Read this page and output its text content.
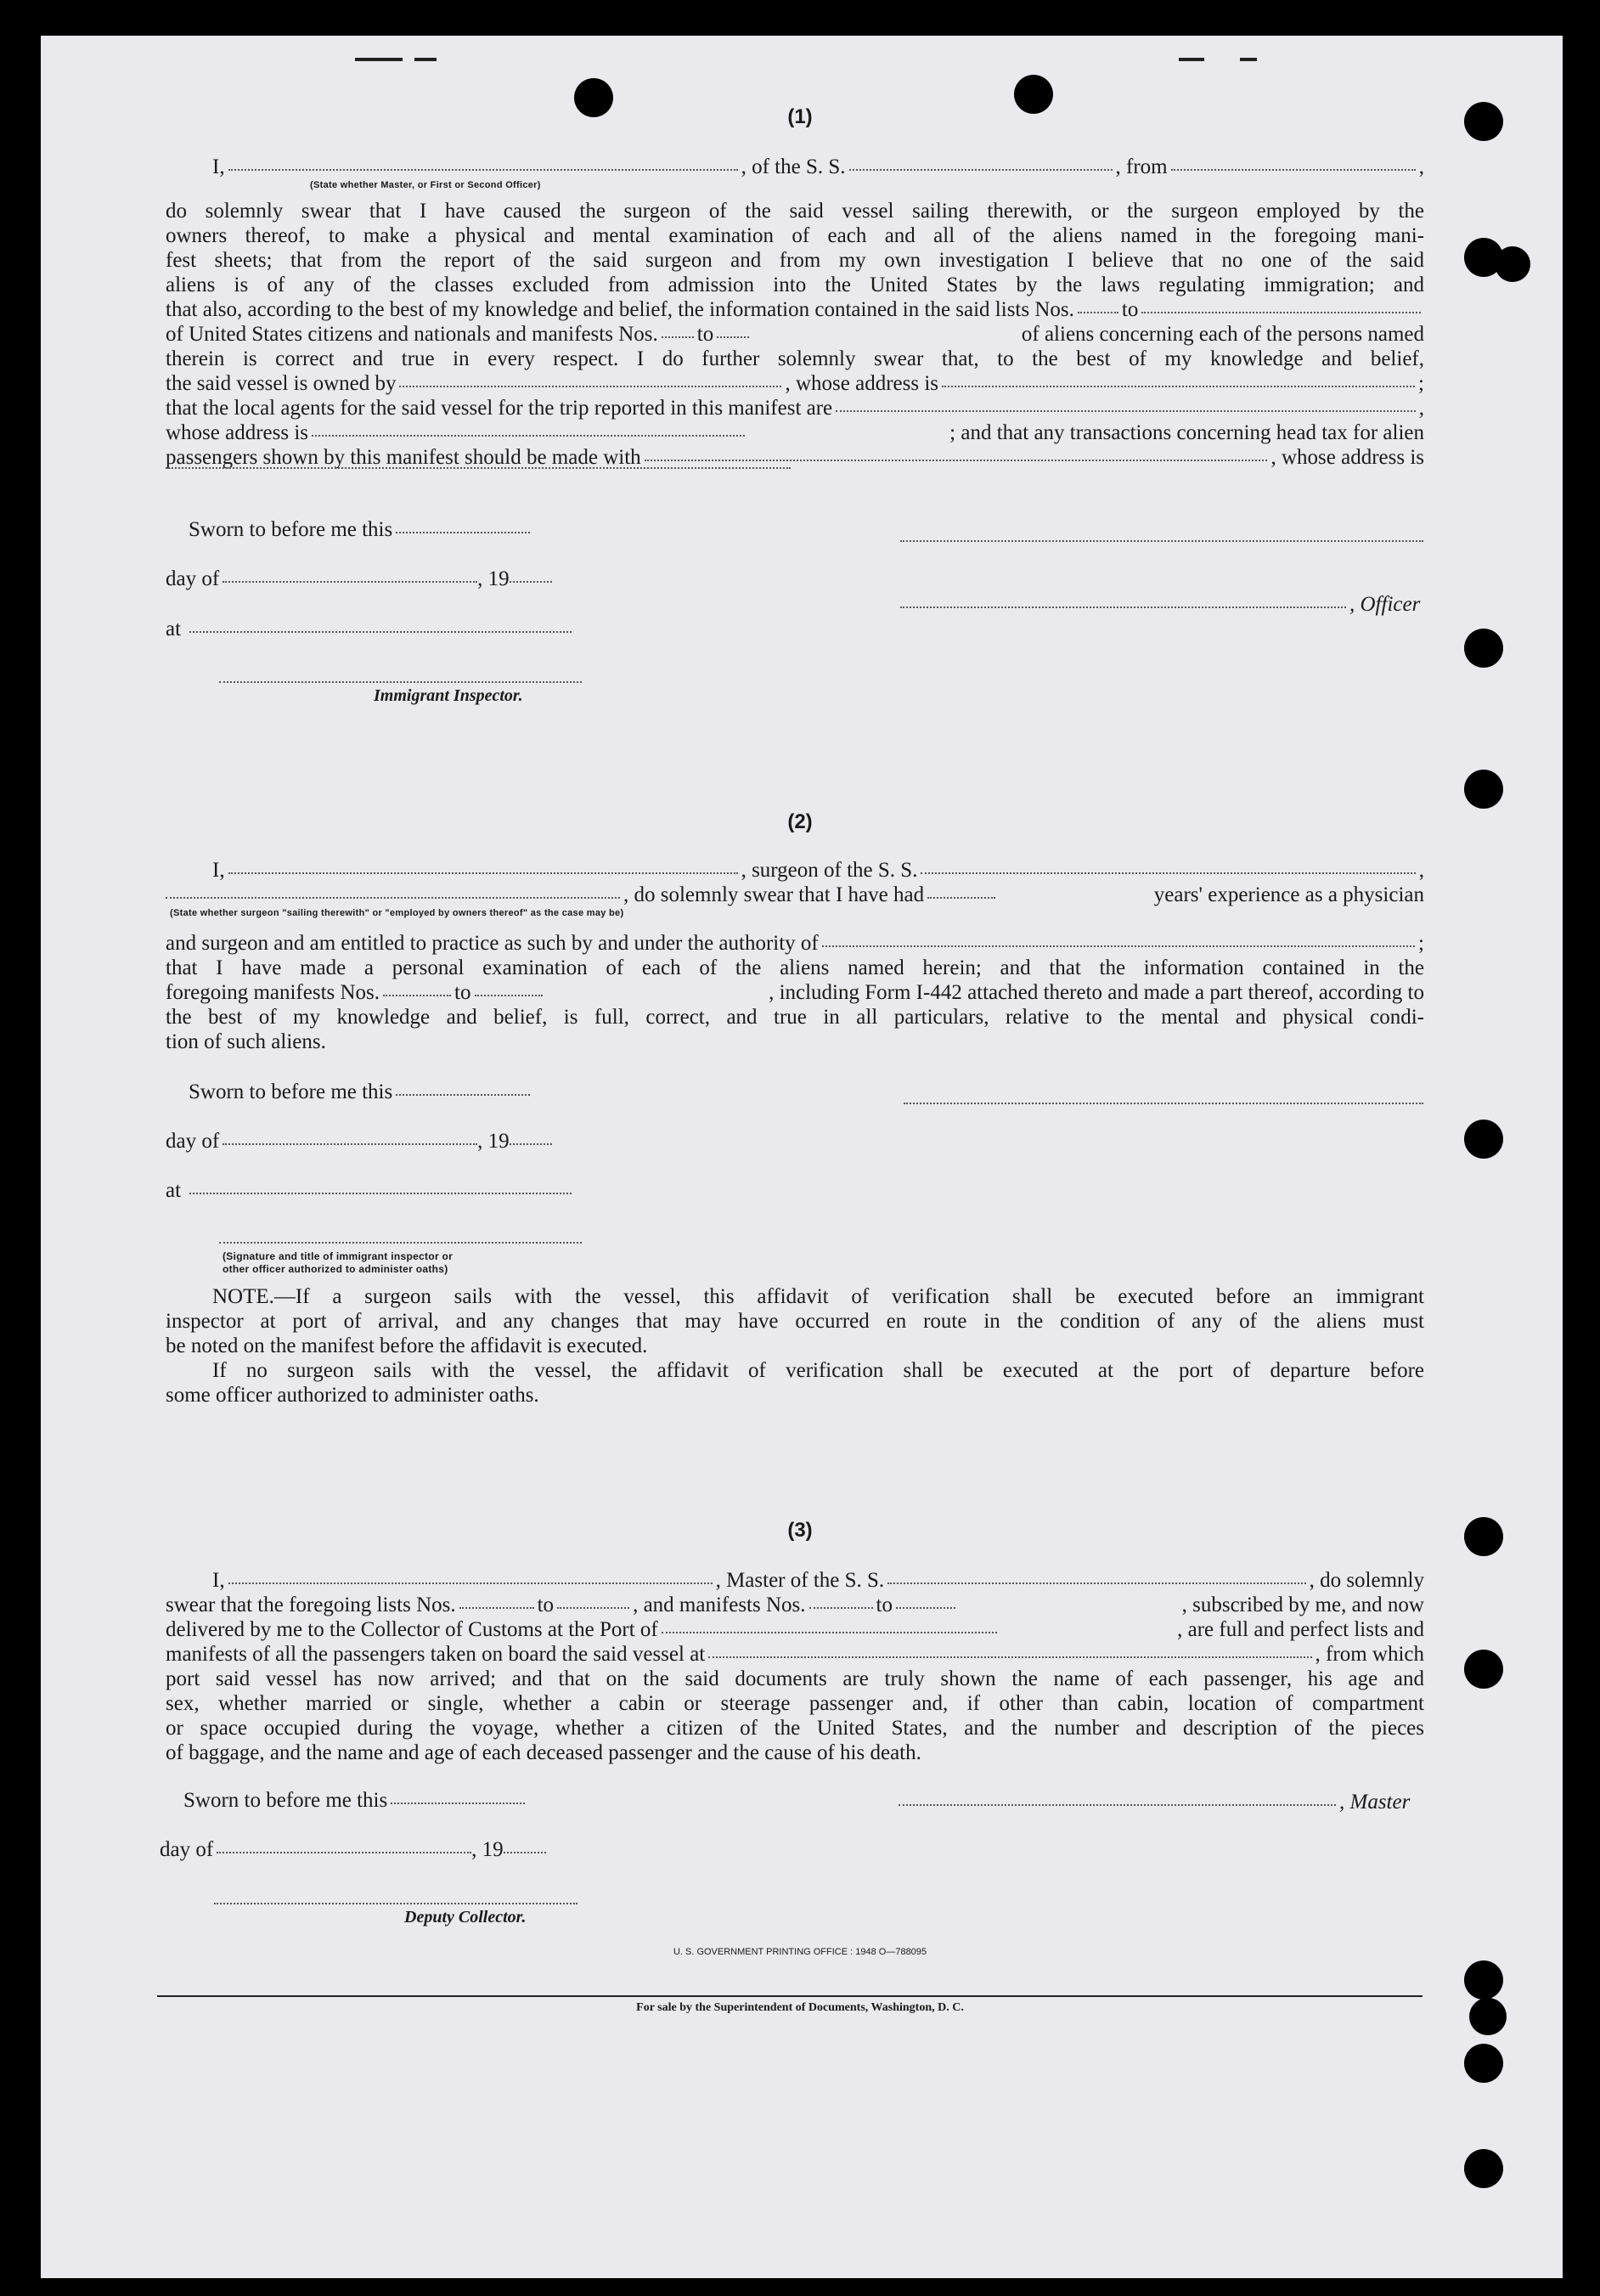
(1)
I,	, of the S. S.	, from	,
(State whether Master, or First or Second Officer)
do solemnly swear that I have caused the surgeon of the said vessel sailing therewith, or the surgeon employed by the
owners thereof, to make a physical and mental examination of each and all of the aliens named in the foregoing mani-
fest sheets; that from the report of the said surgeon and from my own investigation I believe that no one of the said
aliens is of any of the classes excluded from admission into the United States by the laws regulating immigration; and
that also, according to the best of my knowledge and belief, the information contained in the said lists Nos. to
of United States citizens and nationals and manifests Nos. to	of aliens concerning each of the persons named
therein is correct and true in every respect. I do further solemnly swear that, to the best of my knowledge and belief,
the said vessel is owned by	, whose address is	;
that the local agents for the said vessel for the trip reported in this manifest are	,
whose address is	; and that any transactions concerning head tax for alien
passengers shown by this manifest should be made with	, whose address is
Sworn to before me this
day of	, 19
, Officer
at
Immigrant Inspector.
(2)
I,	, surgeon of the S. S.	,
, do solemnly swear that I have had	years' experience as a physician
(State whether surgeon "sailing therewith" or "employed by owners thereof" as the case may be)
and surgeon and am entitled to practice as such by and under the authority of	;
that I have made a personal examination of each of the aliens named herein; and that the information contained in the
foregoing manifests Nos.	to	, including Form I-442 attached thereto and made a part thereof, according to
the best of my knowledge and belief, is full, correct, and true in all particulars, relative to the mental and physical condi-
tion of such aliens.
Sworn to before me this
day of	, 19
at
(Signature and title of immigrant inspector or
other officer authorized to administer oaths)
NOTE.—If a surgeon sails with the vessel, this affidavit of verification shall be executed before an immigrant
inspector at port of arrival, and any changes that may have occurred en route in the condition of any of the aliens must
be noted on the manifest before the affidavit is executed.
If no surgeon sails with the vessel, the affidavit of verification shall be executed at the port of departure before
some officer authorized to administer oaths.
(3)
I,	, Master of the S. S.	, do solemnly
swear that the foregoing lists Nos.	to	, and manifests Nos.	to	, subscribed by me, and now
delivered by me to the Collector of Customs at the Port of	, are full and perfect lists and
manifests of all the passengers taken on board the said vessel at	, from which
port said vessel has now arrived; and that on the said documents are truly shown the name of each passenger, his age and
sex, whether married or single, whether a cabin or steerage passenger and, if other than cabin, location of compartment
or space occupied during the voyage, whether a citizen of the United States, and the number and description of the pieces
of baggage, and the name and age of each deceased passenger and the cause of his death.
Sworn to before me this	, Master
day of	, 19
Deputy Collector.
U. S. GOVERNMENT PRINTING OFFICE : 1948 O—788095
For sale by the Superintendent of Documents, Washington, D. C.
